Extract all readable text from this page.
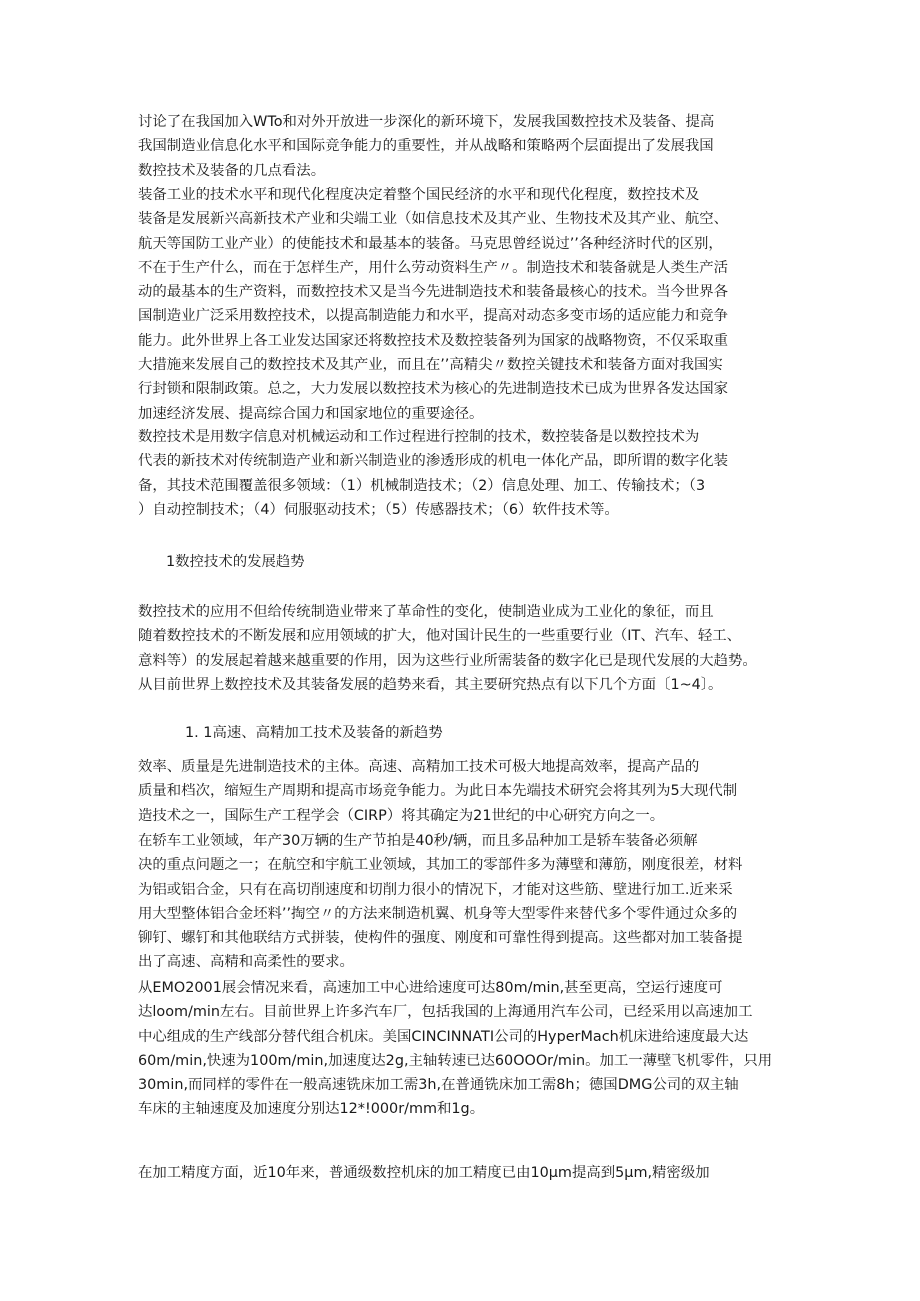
讨论了在我国加入WTo和对外开放进一步深化的新环境下，发展我国数控技术及装备、提高
我国制造业信息化水平和国际竞争能力的重要性，并从战略和策略两个层面提出了发展我国
数控技术及装备的几点看法。

装备工业的技术水平和现代化程度决定着整个国民经济的水平和现代化程度，数控技术及
装备是发展新兴高新技术产业和尖端工业（如信息技术及其产业、生物技术及其产业、航空、
航天等国防工业产业）的使能技术和最基本的装备。马克思曾经说过’’各种经济时代的区别，
不在于生产什么，而在于怎样生产，用什么劳动资料生产〃。制造技术和装备就是人类生产活
动的最基本的生产资料，而数控技术又是当今先进制造技术和装备最核心的技术。当今世界各
国制造业广泛采用数控技术，以提高制造能力和水平，提高对动态多变市场的适应能力和竞争
能力。此外世界上各工业发达国家还将数控技术及数控装备列为国家的战略物资，不仅采取重
大措施来发展自己的数控技术及其产业，而且在’’高精尖〃数控关键技术和装备方面对我国实
行封锁和限制政策。总之，大力发展以数控技术为核心的先进制造技术已成为世界各发达国家
加速经济发展、提高综合国力和国家地位的重要途径。

数控技术是用数字信息对机械运动和工作过程进行控制的技术，数控装备是以数控技术为
代表的新技术对传统制造产业和新兴制造业的渗透形成的机电一体化产品，即所谓的数字化装
备，其技术范围覆盖很多领域：（1）机械制造技术；（2）信息处理、加工、传输技术；（3
）自动控制技术；（4）伺服驱动技术；（5）传感器技术；（6）软件技术等。

1数控技术的发展趋势

数控技术的应用不但给传统制造业带来了革命性的变化，使制造业成为工业化的象征，而且
随着数控技术的不断发展和应用领域的扩大，他对国计民生的一些重要行业（IT、汽车、轻工、
意料等）的发展起着越来越重要的作用，因为这些行业所需装备的数字化已是现代发展的大趋势。
从目前世界上数控技术及其装备发展的趋势来看，其主要研究热点有以下几个方面〔1~4〕。

1. 1高速、高精加工技术及装备的新趋势

效率、质量是先进制造技术的主体。高速、高精加工技术可极大地提高效率，提高产品的
质量和档次，缩短生产周期和提高市场竞争能力。为此日本先端技术研究会将其列为5大现代制
造技术之一，国际生产工程学会（CIRP）将其确定为21世纪的中心研究方向之一。

在轿车工业领域，年产30万辆的生产节拍是40秒/辆，而且多品种加工是轿车装备必须解
决的重点问题之一；在航空和宇航工业领域，其加工的零部件多为薄壁和薄筋，刚度很差，材料
为铝或铝合金，只有在高切削速度和切削力很小的情况下，才能对这些筋、壁进行加工.近来采
用大型整体铝合金坯料’’掏空〃的方法来制造机翼、机身等大型零件来替代多个零件通过众多的
铆钉、螺钉和其他联结方式拼装，使构件的强度、刚度和可靠性得到提高。这些都对加工装备提
出了高速、高精和高柔性的要求。

从EMO2001展会情况来看，高速加工中心进给速度可达80m∕min,甚至更高，空运行速度可
达loom∕min左右。目前世界上许多汽车厂，包括我国的上海通用汽车公司，已经采用以高速加工
中心组成的生产线部分替代组合机床。美国CINCINNATI公司的HyperMach机床进给速度最大达
60m∕min,快速为100m∕min,加速度达2g,主轴转速已达60OOOr/min。加工一薄壁飞机零件，只用
30min,而同样的零件在一般高速铣床加工需3h,在普通铣床加工需8h；德国DMG公司的双主轴
车床的主轴速度及加速度分别达12*!000r∕mm和1g。

在加工精度方面，近10年来，普通级数控机床的加工精度已由10μm提高到5μm,精密级加
